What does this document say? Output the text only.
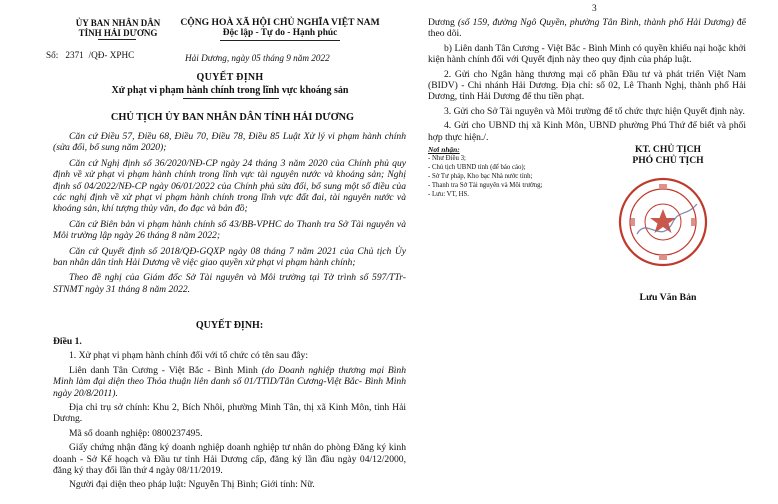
3
ỦY BAN NHÂN DÂN
TỈNH HẢI DƯƠNG
Số: 2371 /QĐ- XPHC
CỘNG HOÀ XÃ HỘI CHỦ NGHĨA VIỆT NAM
Độc lập - Tự do - Hạnh phúc
Hải Dương, ngày 05 tháng 9 năm 2022
QUYẾT ĐỊNH
Xử phạt vi phạm hành chính trong lĩnh vực khoáng sản
CHỦ TỊCH ỦY BAN NHÂN DÂN TỈNH HẢI DƯƠNG
Căn cứ Điều 57, Điều 68, Điều 70, Điều 78, Điều 85 Luật Xử lý vi phạm hành chính (sửa đổi, bổ sung năm 2020);
Căn cứ Nghị định số 36/2020/NĐ-CP ngày 24 tháng 3 năm 2020 của Chính phủ quy định về xử phạt vi phạm hành chính trong lĩnh vực tài nguyên nước và khoáng sản; Nghị định số 04/2022/NĐ-CP ngày 06/01/2022 của Chính phủ sửa đổi, bổ sung một số điều của các nghị định về xử phạt vi phạm hành chính trong lĩnh vực đất đai, tài nguyên nước và khoáng sản, khí tượng thủy văn, đo đạc và bản đồ;
Căn cứ Biên bản vi phạm hành chính số 43/BB-VPHC do Thanh tra Sở Tài nguyên và Môi trường lập ngày 26 tháng 8 năm 2022;
Căn cứ Quyết định số 2018/QĐ-GQXP ngày 08 tháng 7 năm 2021 của Chủ tịch Ủy ban nhân dân tỉnh Hải Dương về việc giao quyền xử phạt vi phạm hành chính;
Theo đề nghị của Giám đốc Sở Tài nguyên và Môi trường tại Tờ trình số 597/TTr-STNMT ngày 31 tháng 8 năm 2022.
QUYẾT ĐỊNH:
Điều 1.
1. Xử phạt vi phạm hành chính đối với tổ chức có tên sau đây:
Liên danh Tân Cương - Việt Bắc - Bình Minh (do Doanh nghiệp thương mại Bình Minh làm đại diện theo Thỏa thuận liên danh số 01/TTlD/Tân Cương-Việt Bắc- Bình Minh ngày 20/8/2011).
Địa chỉ trụ sở chính: Khu 2, Bích Nhôi, phường Minh Tân, thị xã Kinh Môn, tỉnh Hải Dương.
Mã số doanh nghiệp: 0800237495.
Giấy chứng nhận đăng ký doanh nghiệp doanh nghiệp tư nhân do phòng Đăng ký kinh doanh - Sở Kế hoạch và Đầu tư tỉnh Hải Dương cấp, đăng ký lần đầu ngày 04/12/2000, đăng ký thay đổi lần thứ 4 ngày 08/11/2019.
Người đại diện theo pháp luật: Nguyễn Thị Bình; Giới tính: Nữ.
Dương (số 159, đường Ngô Quyền, phường Tân Bình, thành phố Hải Dương) để theo dõi.
b) Liên danh Tân Cương - Việt Bắc - Bình Minh có quyền khiếu nại hoặc khởi kiện hành chính đối với Quyết định này theo quy định của pháp luật.
2. Gửi cho Ngân hàng thương mại cổ phần Đầu tư và phát triển Việt Nam (BIDV) - Chi nhánh Hải Dương. Địa chỉ: số 02, Lê Thanh Nghị, thành phố Hải Dương, tỉnh Hải Dương để thu tiền phạt.
3. Gửi cho Sở Tài nguyên và Môi trường để tổ chức thực hiện Quyết định này.
4. Gửi cho UBND thị xã Kinh Môn, UBND phường Phú Thứ để biết và phối hợp thực hiện./.
Nơi nhận:
- Như Điều 3;
- Chủ tịch UBND tỉnh (để báo cáo);
- Sở Tư pháp, Kho bạc Nhà nước tỉnh;
- Thanh tra Sở Tài nguyên và Môi trường;
- Lưu: VT, HS.
KT. CHỦ TỊCH
PHÓ CHỦ TỊCH
Lưu Văn Bản
